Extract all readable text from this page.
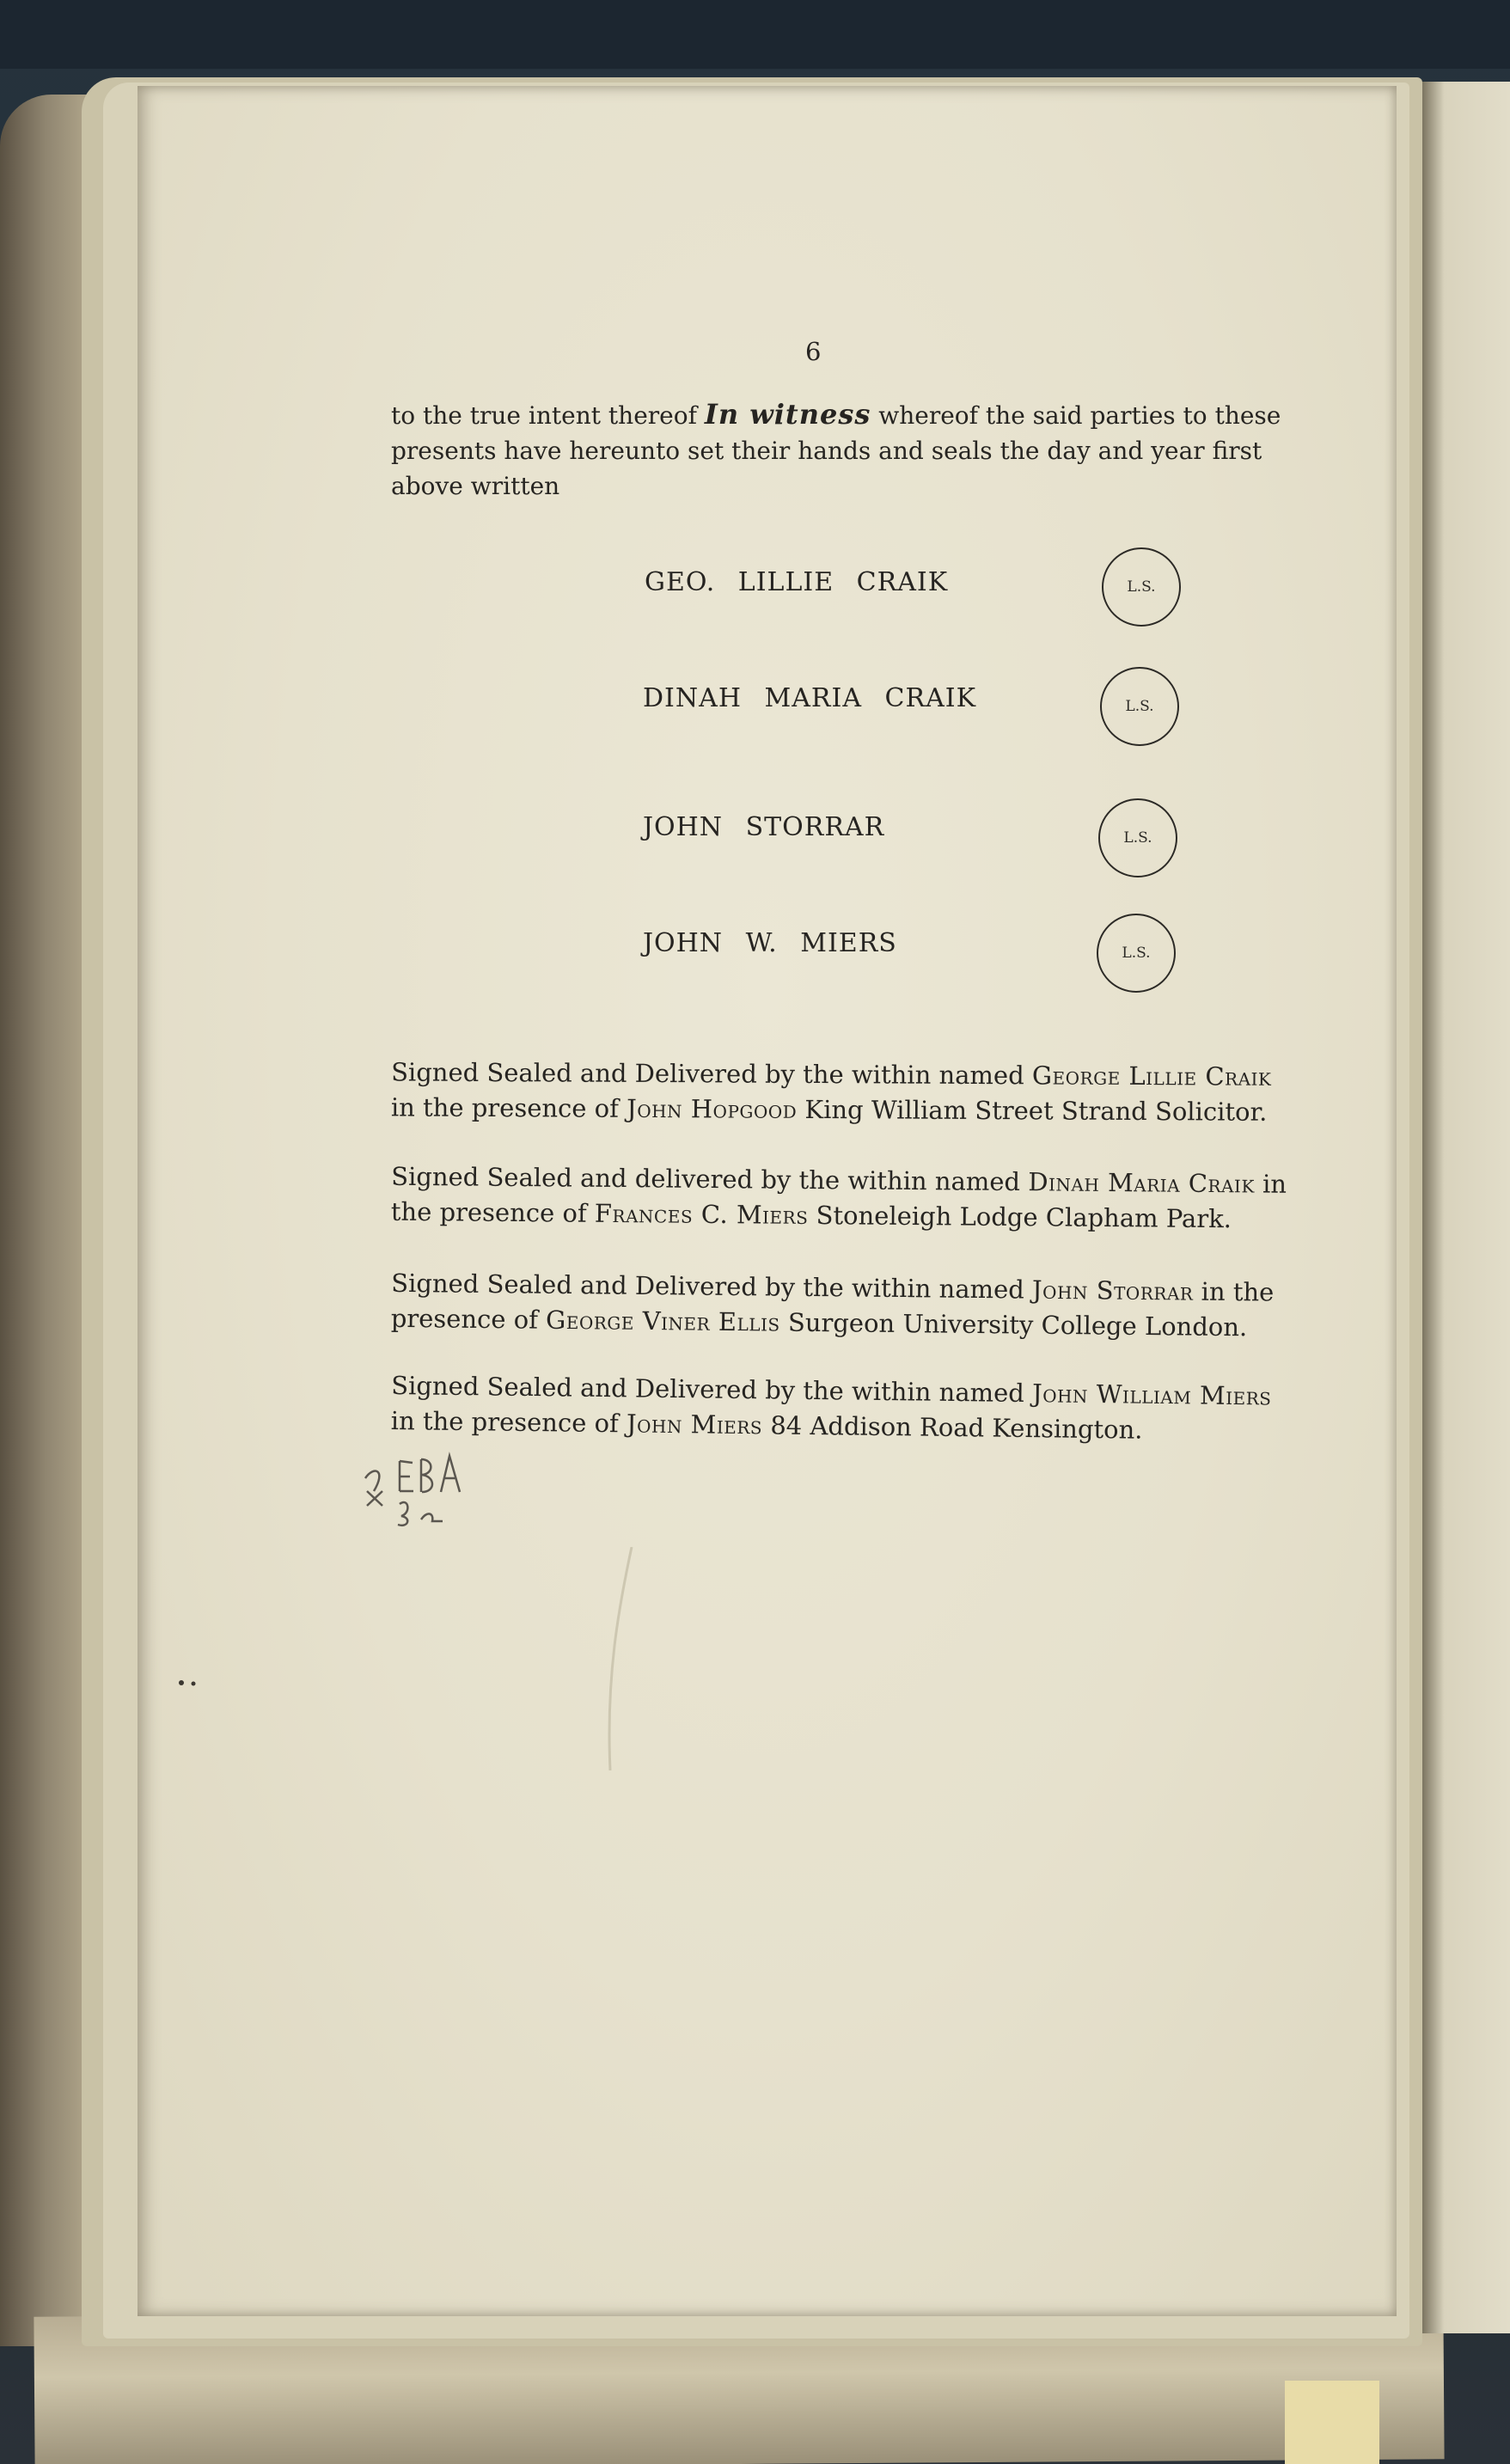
6
to the true intent thereof In witness whereof the said parties to these
presents have hereunto set their hands and seals the day and year first
above written
GEO. LILLIE CRAIK	L.S.
DINAH MARIA CRAIK	L.S.
JOHN STORRAR	L.S.
JOHN W. MIERS	L.S.
Signed Sealed and Delivered by the within named George Lillie Craik
in the presence of John Hopgood King William Street Strand Solicitor.
Signed Sealed and delivered by the within named Dinah Maria Craik in
the presence of Frances C. Miers Stoneleigh Lodge Clapham Park.
Signed Sealed and Delivered by the within named John Storrar in the
presence of George Viner Ellis Surgeon University College London.
Signed Sealed and Delivered by the within named John William Miers
in the presence of John Miers 84 Addison Road Kensington.
